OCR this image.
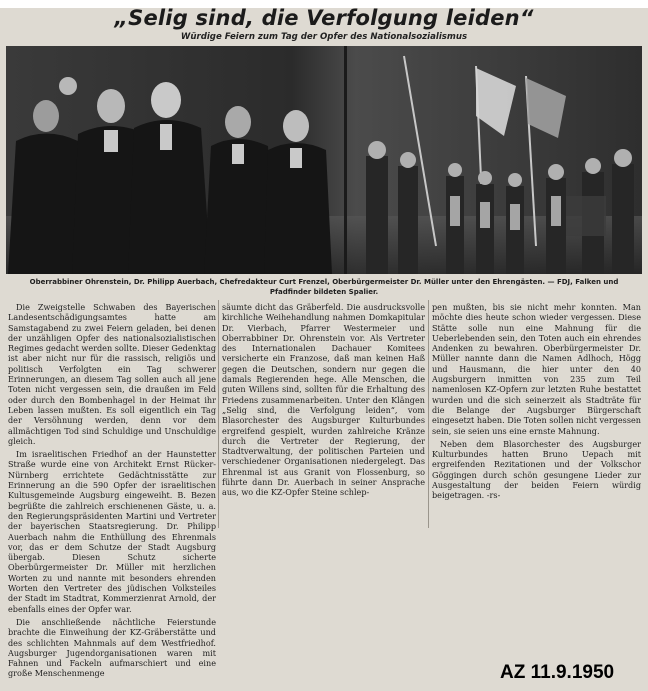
„Selig sind, die Verfolgung leiden“
Würdige Feiern zum Tag der Opfer des Nationalsozialismus
Oberrabbiner Ohrenstein, Dr. Philipp Auerbach, Chefredakteur Curt Frenzel, Oberbürgermeister Dr. Müller unter den Ehrengästen. — FDJ, Falken und Pfadfinder bildeten Spalier.

Die Zweigstelle Schwaben des Bayerischen Landesentschädigungsamtes hatte am Samstagabend zu zwei Feiern geladen, bei denen der unzähligen Opfer des nationalsozialistischen Regimes gedacht werden sollte. Dieser Gedenktag ist aber nicht nur für die rassisch, religiös und politisch Verfolgten ein Tag schwerer Erinnerungen, an diesem Tag sollen auch all jene Toten nicht vergessen sein, die draußen im Feld oder durch den Bombenhagel in der Heimat ihr Leben lassen mußten. Es soll eigentlich ein Tag der Versöhnung werden, denn vor dem allmächtigen Tod sind Schuldige und Unschuldige gleich.

Im israelitischen Friedhof an der Haunstetter Straße wurde eine von Architekt Ernst Rücker-Nürnberg errichtete Gedächtnisstätte zur Erinnerung an die 590 Opfer der israelitischen Kultusgemeinde Augsburg eingeweiht. B. Bezen begrüßte die zahlreich erschienenen Gäste, u. a. den Regierungspräsidenten Martini und Vertreter der bayerischen Staatsregierung. Dr. Philipp Auerbach nahm die Enthüllung des Ehrenmals vor, das er dem Schutze der Stadt Augsburg übergab. Diesen Schutz sicherte Oberbürgermeister Dr. Müller mit herzlichen Worten zu und nannte mit besonders ehrenden Worten den Vertreter des jüdischen Volksteiles der Stadt im Stadtrat, Kommerzienrat Arnold, der ebenfalls eines der Opfer war.

Die anschließende nächtliche Feierstunde brachte die Einweihung der KZ-Gräberstätte und des schlichten Mahnmals auf dem Westfriedhof. Augsburger Jugendorganisationen waren mit Fahnen und Fackeln aufmarschiert und eine große Menschenmenge

säumte dicht das Gräberfeld. Die ausdrucksvolle kirchliche Weihehandlung nahmen Domkapitular Dr. Vierbach, Pfarrer Westermeier und Oberrabbiner Dr. Ohrenstein vor. Als Vertreter des Internationalen Dachauer Komitees versicherte ein Franzose, daß man keinen Haß gegen die Deutschen, sondern nur gegen die damals Regierenden hege. Alle Menschen, die guten Willens sind, sollten für die Erhaltung des Friedens zusammenarbeiten. Unter den Klängen „Selig sind, die Verfolgung leiden“, vom Blasorchester des Augsburger Kulturbundes ergreifend gespielt, wurden zahlreiche Kränze durch die Vertreter der Regierung, der Stadtverwaltung, der politischen Parteien und verschiedener Organisationen niedergelegt. Das Ehrenmal ist aus Granit von Flossenburg, so führte dann Dr. Auerbach in seiner Ansprache aus, wo die KZ-Opfer Steine schlep-

pen mußten, bis sie nicht mehr konnten. Man möchte dies heute schon wieder vergessen. Diese Stätte solle nun eine Mahnung für die Ueberlebenden sein, den Toten auch ein ehrendes Andenken zu bewahren. Oberbürgermeister Dr. Müller nannte dann die Namen Adlhoch, Högg und Hausmann, die hier unter den 40 Augsburgern inmitten von 235 zum Teil namenlosen KZ-Opfern zur letzten Ruhe bestattet wurden und die sich seinerzeit als Stadträte für die Belange der Augsburger Bürgerschaft eingesetzt haben. Die Toten sollen nicht vergessen sein, sie seien uns eine ernste Mahnung.

Neben dem Blasorchester des Augsburger Kulturbundes hatten Bruno Uepach mit ergreifenden Rezitationen und der Volkschor Göggingen durch schön gesungene Lieder zur Ausgestaltung der beiden Feiern würdig beigetragen. -rs-

AZ 11.9.1950
